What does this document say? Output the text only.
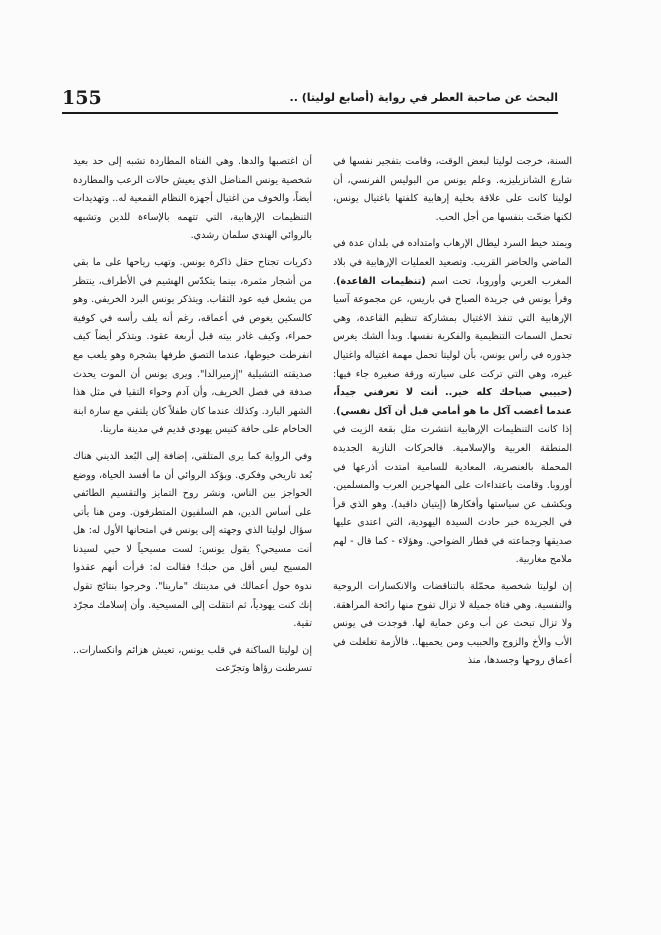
155	البحث عن صاحبة العطر في رواية (أصابع لوليتا) ..

السنة، خرجت لوليتا لبعض الوقت، وقامت بتفجير نفسها في شارع الشانزيليزيه. وعلم يونس من البوليس الفرنسي، أن لوليتا كانت على علاقة بخلية إرهابية كلفتها باغتيال يونس، لكنها ضحّت بنفسها من أجل الحب.

ويمتد خيط السرد ليطال الإرهاب وامتداده في بلدان عدة في الماضي والحاضر القريب. وتصعيد العمليات الإرهابية في بلاد المغرب العربي وأوروبا، تحت اسم (تنظيمات القاعدة). وقرأ يونس في جريدة الصباح في باريس، عن مجموعة آسيا الإرهابية التي تنفذ الاغتيال بمشاركة تنظيم القاعدة، وهي تحمل السمات التنظيمية والفكرية نفسها. وبدأ الشك يغرس جذوره في رأس يونس، بأن لوليتا تحمل مهمة اغتياله واغتيال غيره، وهي التي تركت على سيارته ورقة صغيرة جاء فيها: (حبيبي صباحك كله خير.. أنت لا تعرفني جيداً، عندما أغضب آكل ما هو أمامي قبل أن آكل نفسي). إذا كانت التنظيمات الإرهابية انتشرت مثل بقعة الزيت في المنطقة العربية والإسلامية. فالحركات النازية الجديدة المحملة بالعنصرية، المعادية للسامية امتدت أذرعها في أوروبا. وقامت باعتداءات على المهاجرين العرب والمسلمين. ويكشف عن سياستها وأفكارها (إيتيان داقيد). وهو الذي قرأ في الجريدة خبر حادث السيدة اليهودية، التي اعتدى عليها صديقها وجماعته في قطار الضواحي. وهؤلاء - كما قال - لهم ملامح مغاربية.

إن لوليتا شخصية محمّلة بالتناقضات والانكسارات الروحية والنفسية. وهي فتاة جميلة لا تزال تفوح منها رائحة المراهقة. ولا تزال تبحث عن أب وعن حماية لها. فوجدت في يونس الأب والأخ والزوج والحبيب ومن يحميها.. فالأزمة تغلغلت في أعماق روحها وجسدها، منذ

أن اغتصبها والدها. وهي الفتاة المطاردة تشبه إلى حد بعيد شخصية يونس المناضل الذي يعيش حالات الرعب والمطاردة أيضاً، والخوف من اغتيال أجهزة النظام القمعية له.. وتهديدات التنظيمات الإرهابية، التي تتهمه بالإساءة للدين وتشبهه بالروائي الهندي سلمان رشدي.

ذكريات تجتاح حقل ذاكرة يونس. وتهب رياحها على ما بقي من أشجار مثمرة، بينما يتكدّس الهشيم في الأطراف، ينتظر من يشعل فيه عود الثقاب. ويتذكر يونس البرد الخريفي. وهو كالسكين يغوص في أعماقه، رغم أنه يلف رأسه في كوفية حمراء، وكيف غادر بيته قبل أربعة عقود. ويتذكر أيضاً كيف انفرطت خيوطها، عندما التصق طرفها بشجرة وهو يلعب مع صديقته التشيلية "إزميرالدا". ويرى يونس أن الموت يحدث صدفة في فصل الخريف، وأن آدم وحواء التقيا في مثل هذا الشهر البارد. وكذلك عندما كان طفلاً كان يلتقي مع سارة ابنة الحاخام على حافة كنيس يهودي قديم في مدينة مارينا.

وفي الرواية كما يرى المتلقي، إضافة إلى البُعد الديني هناك بُعد تاريخي وفكري. ويؤكد الروائي أن ما أفسد الحياة، ووضع الحواجز بين الناس، ونشر روح التمايز والتقسيم الطائفي على أساس الدين، هم السلفيون المتطرفون. ومن هنا يأتي سؤال لوليتا الذي وجهته إلى يونس في امتحانها الأول له: هل أنت مسيحي؟ يقول يونس: لست مسيحياً لا حبي لسيدنا المسيح ليس أقل من حبك! فقالت له: قرأت أنهم عقدوا ندوة حول أعمالك في مدينتك "مارينا". وخرجوا بنتائج تقول إنك كنت يهودياً، ثم انتقلت إلى المسيحية. وأن إسلامك مجرّد تقية.

إن لوليتا الساكنة في قلب يونس، تعيش هزائم وانكسارات.. تسرطنت رؤاها وتجرّعت
